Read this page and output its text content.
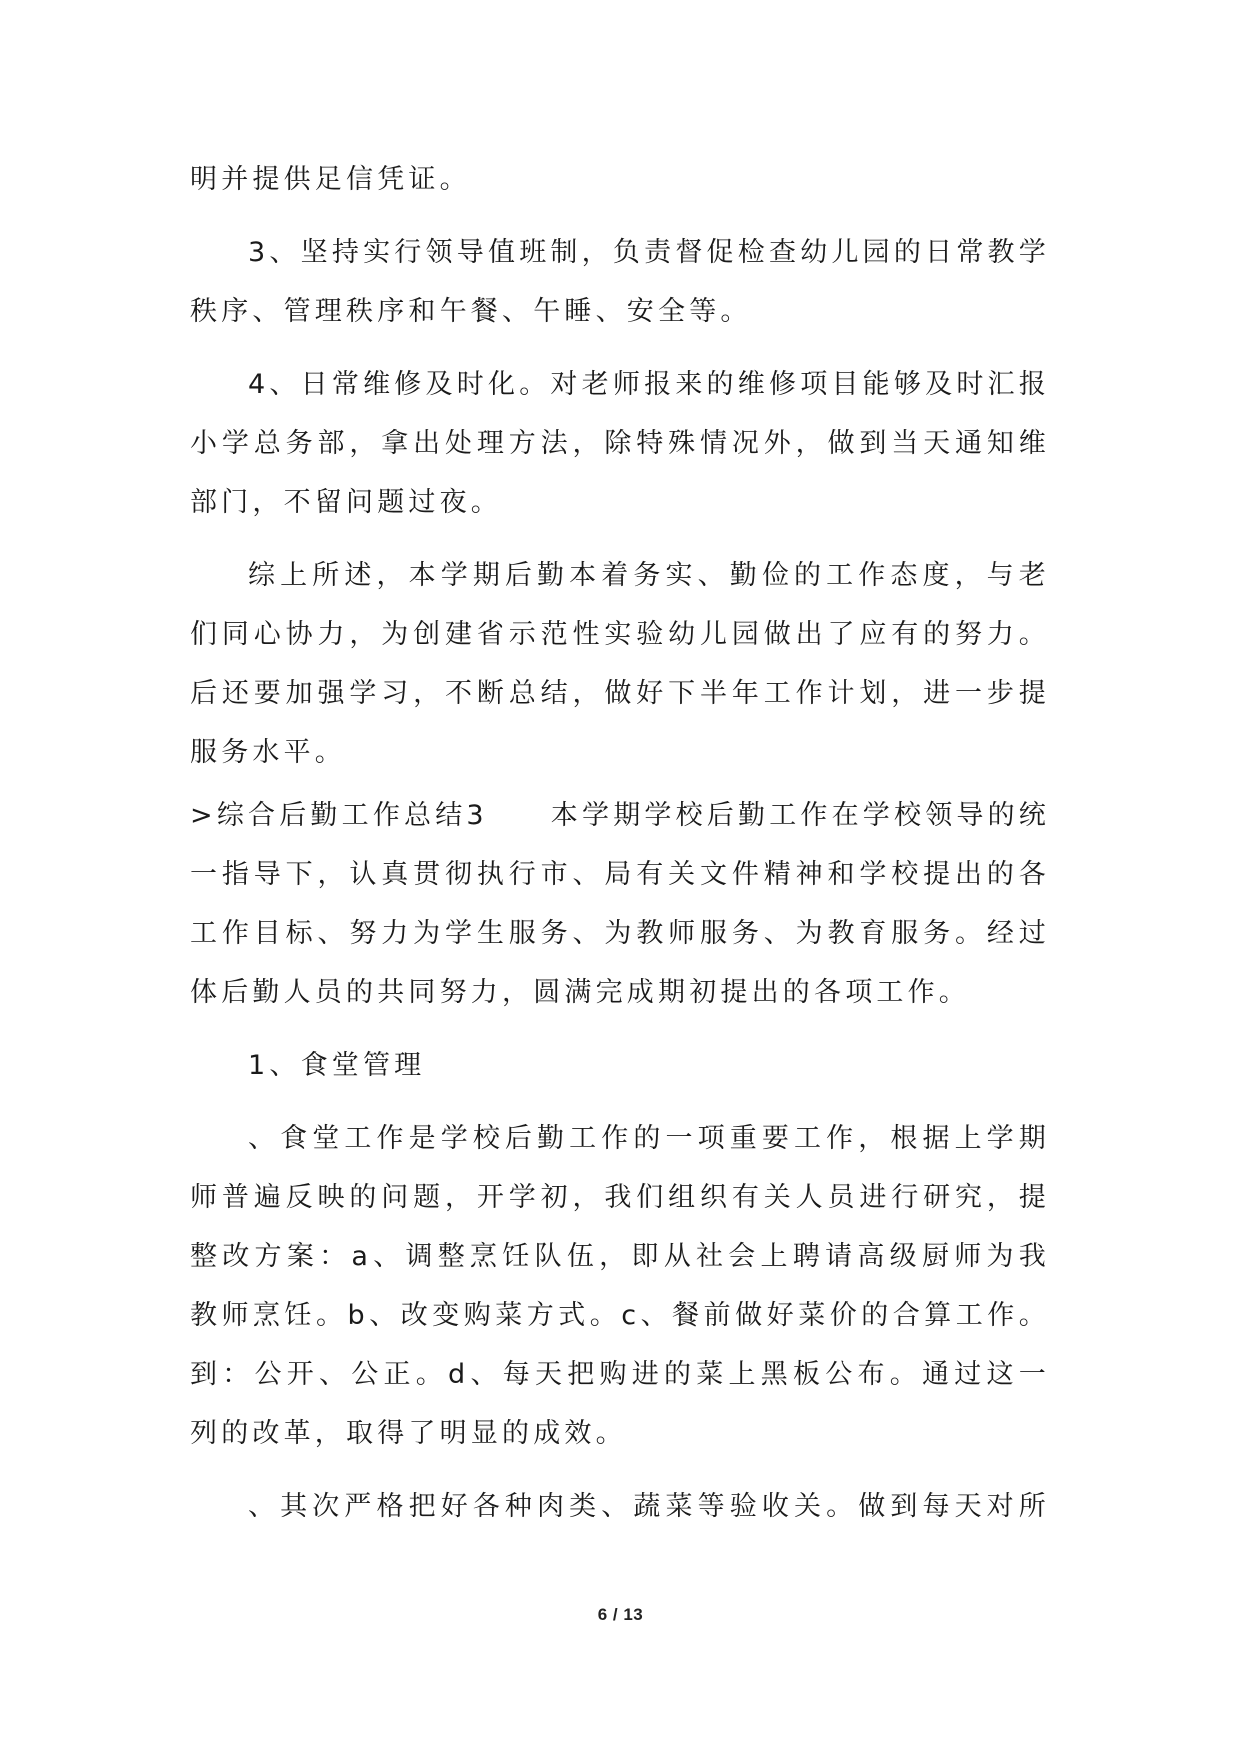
明并提供足信凭证。
3、坚持实行领导值班制，负责督促检查幼儿园的日常教学
秩序、管理秩序和午餐、午睡、安全等。
4、日常维修及时化。对老师报来的维修项目能够及时汇报
小学总务部，拿出处理方法，除特殊情况外，做到当天通知维
部门，不留问题过夜。
综上所述，本学期后勤本着务实、勤俭的工作态度，与老
们同心协力，为创建省示范性实验幼儿园做出了应有的努力。
后还要加强学习，不断总结，做好下半年工作计划，进一步提
服务水平。
>综合后勤工作总结3 本学期学校后勤工作在学校领导的统
一指导下，认真贯彻执行市、局有关文件精神和学校提出的各
工作目标、努力为学生服务、为教师服务、为教育服务。经过
体后勤人员的共同努力，圆满完成期初提出的各项工作。
1、食堂管理
、食堂工作是学校后勤工作的一项重要工作，根据上学期
师普遍反映的问题，开学初，我们组织有关人员进行研究，提
整改方案：a、调整烹饪队伍，即从社会上聘请高级厨师为我
教师烹饪。b、改变购菜方式。c、餐前做好菜价的合算工作。
到：公开、公正。d、每天把购进的菜上黑板公布。通过这一
列的改革，取得了明显的成效。
、其次严格把好各种肉类、蔬菜等验收关。做到每天对所
6 / 13
